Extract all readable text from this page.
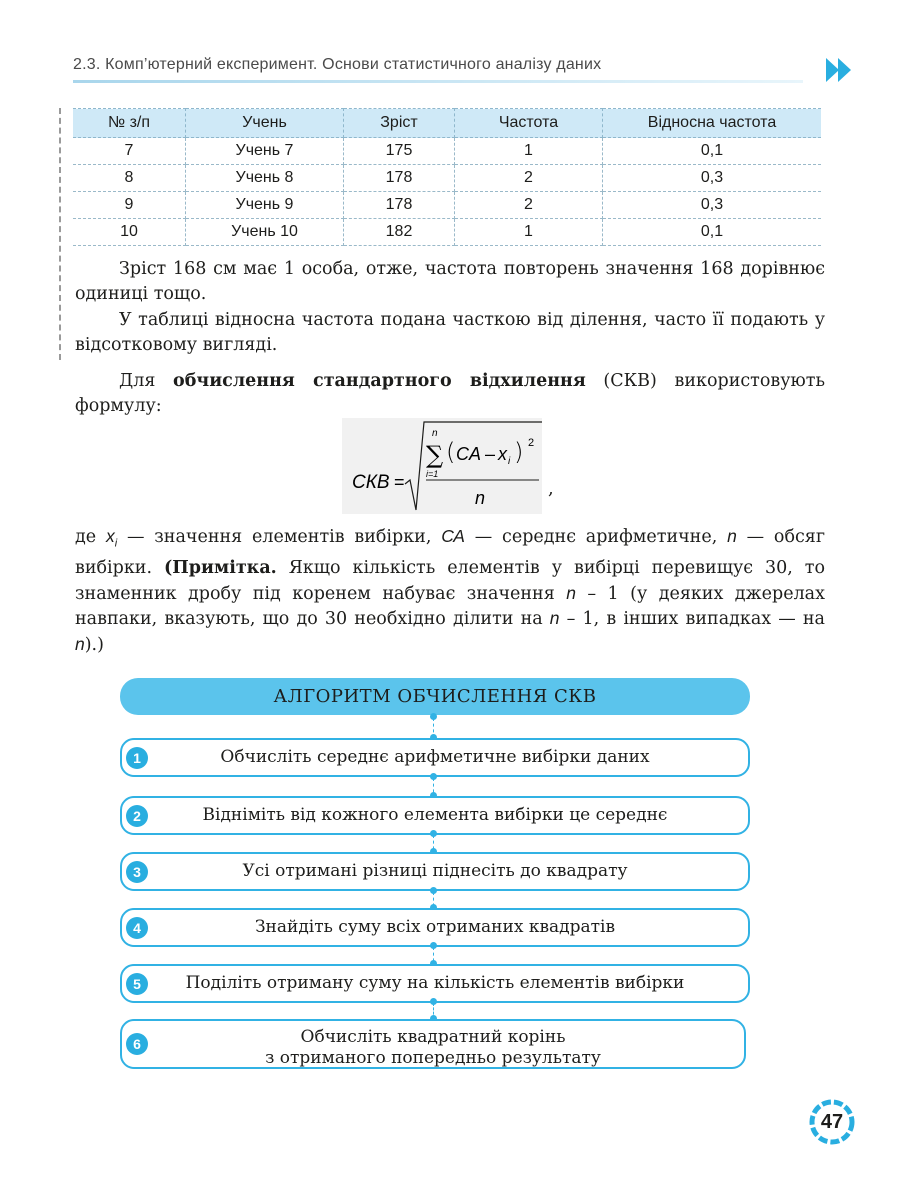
2.3. Комп’ютерний експеримент. Основи статистичного аналізу даних
№ з/п	Учень	Зріст	Частота	Відносна частота
7	Учень 7	175	1	0,1
8	Учень 8	178	2	0,3
9	Учень 9	178	2	0,3
10	Учень 10	182	1	0,1
Зріст 168 см має 1 особа, отже, частота повторень значення 168 дорівнює одиниці тощо.
У таблиці відносна частота подана часткою від ділення, часто її подають у відсотковому вигляді.
Для обчислення стандартного відхилення (СКВ) використовують формулу:
СКВ =
n
∑
i=1
( CA – x i ) 2
n	,
де $x_i$ — значення елементів вибірки, СА — середнє арифметичне, n — обсяг вибірки. (Примітка. Якщо кількість елементів у вибірці перевищує 30, то знаменник дробу під коренем набуває значення n – 1 (у деяких джерелах навпаки, вказують, що до 30 необхідно ділити на n – 1, в інших випадках — на n).)
АЛГОРИТМ ОБЧИСЛЕННЯ СКВ
1	Обчисліть середнє арифметичне вибірки даних
2	Відніміть від кожного елемента вибірки це середнє
3	Усі отримані різниці піднесіть до квадрату
4	Знайдіть суму всіх отриманих квадратів
5	Поділіть отриману суму на кількість елементів вибірки
6	Обчисліть квадратний корінь
з отриманого попередньо результату
47
